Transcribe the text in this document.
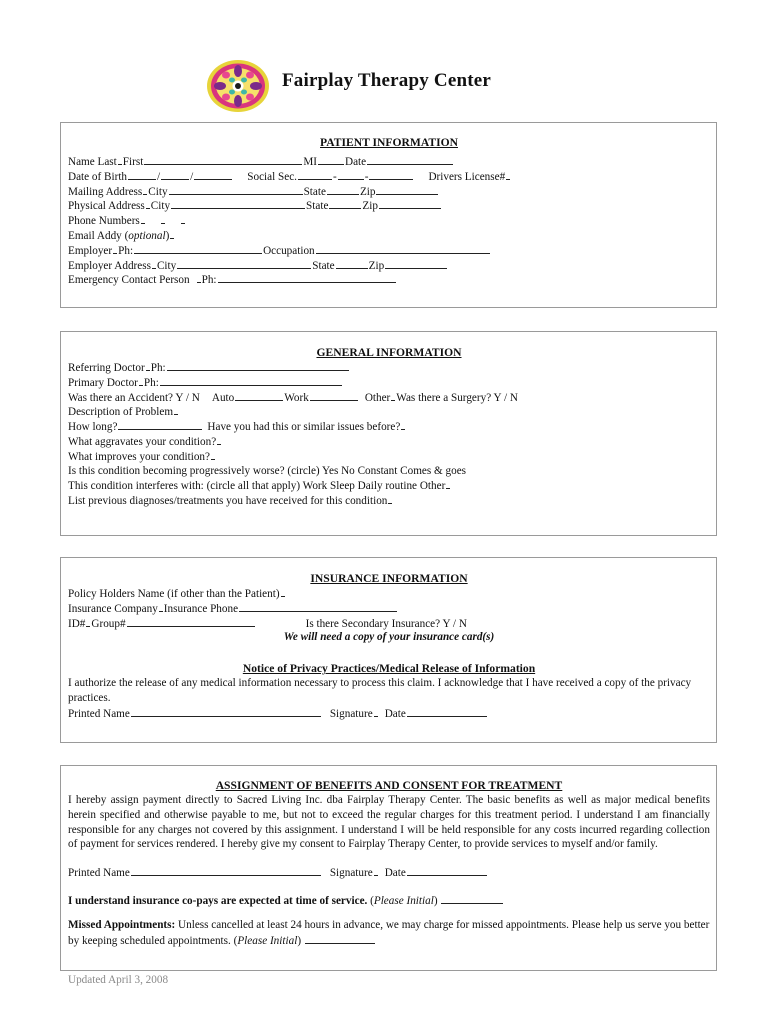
Fairplay Therapy Center
PATIENT INFORMATION
Name Last First	MI	Date
Date of Birth	/	/	Social Sec.	-	-	Drivers License#
Mailing Address City	State	Zip
Physical Address City	State	Zip
Phone Numbers
Email Addy ( optional )
Employer Ph:	Occupation
Employer Address City	State	Zip
Emergency Contact Person Ph:
GENERAL INFORMATION
Referring Doctor Ph:
Primary Doctor Ph:
Was there an Accident? Y / N Auto	Work	Other Was there a Surgery? Y / N
Description of Problem
How long?	Have you had this or similar issues before?
What aggravates your condition?
What improves your condition?
Is this condition becoming progressively worse? (circle) Yes No Constant Comes & goes
This condition interferes with: (circle all that apply) Work Sleep Daily routine Other
List previous diagnoses/treatments you have received for this condition
INSURANCE INFORMATION
Policy Holders Name (if other than the Patient)
Insurance Company Insurance Phone
ID# Group#	Is there Secondary Insurance? Y / N
We will need a copy of your insurance card(s)
Notice of Privacy Practices/Medical Release of Information
I authorize the release of any medical information necessary to process this claim. I acknowledge that I have received a copy of the privacy practices.
Printed Name	Signature Date
ASSIGNMENT OF BENEFITS AND CONSENT FOR TREATMENT
I hereby assign payment directly to Sacred Living Inc. dba Fairplay Therapy Center. The basic benefits as well as major medical benefits herein specified and otherwise payable to me, but not to exceed the regular charges for this treatment period. I understand I am financially responsible for any charges not covered by this assignment. I understand I will be held responsible for any costs incurred regarding collection of payment for services rendered. I hereby give my consent to Fairplay Therapy Center, to provide services to myself and/or family.
Printed Name	Signature Date
I understand insurance co-pays are expected at time of service. ( Please Initial )
Missed Appointments: Unless cancelled at least 24 hours in advance, we may charge for missed appointments. Please help us serve you better by keeping scheduled appointments. (Please Initial)
Updated April 3, 2008
